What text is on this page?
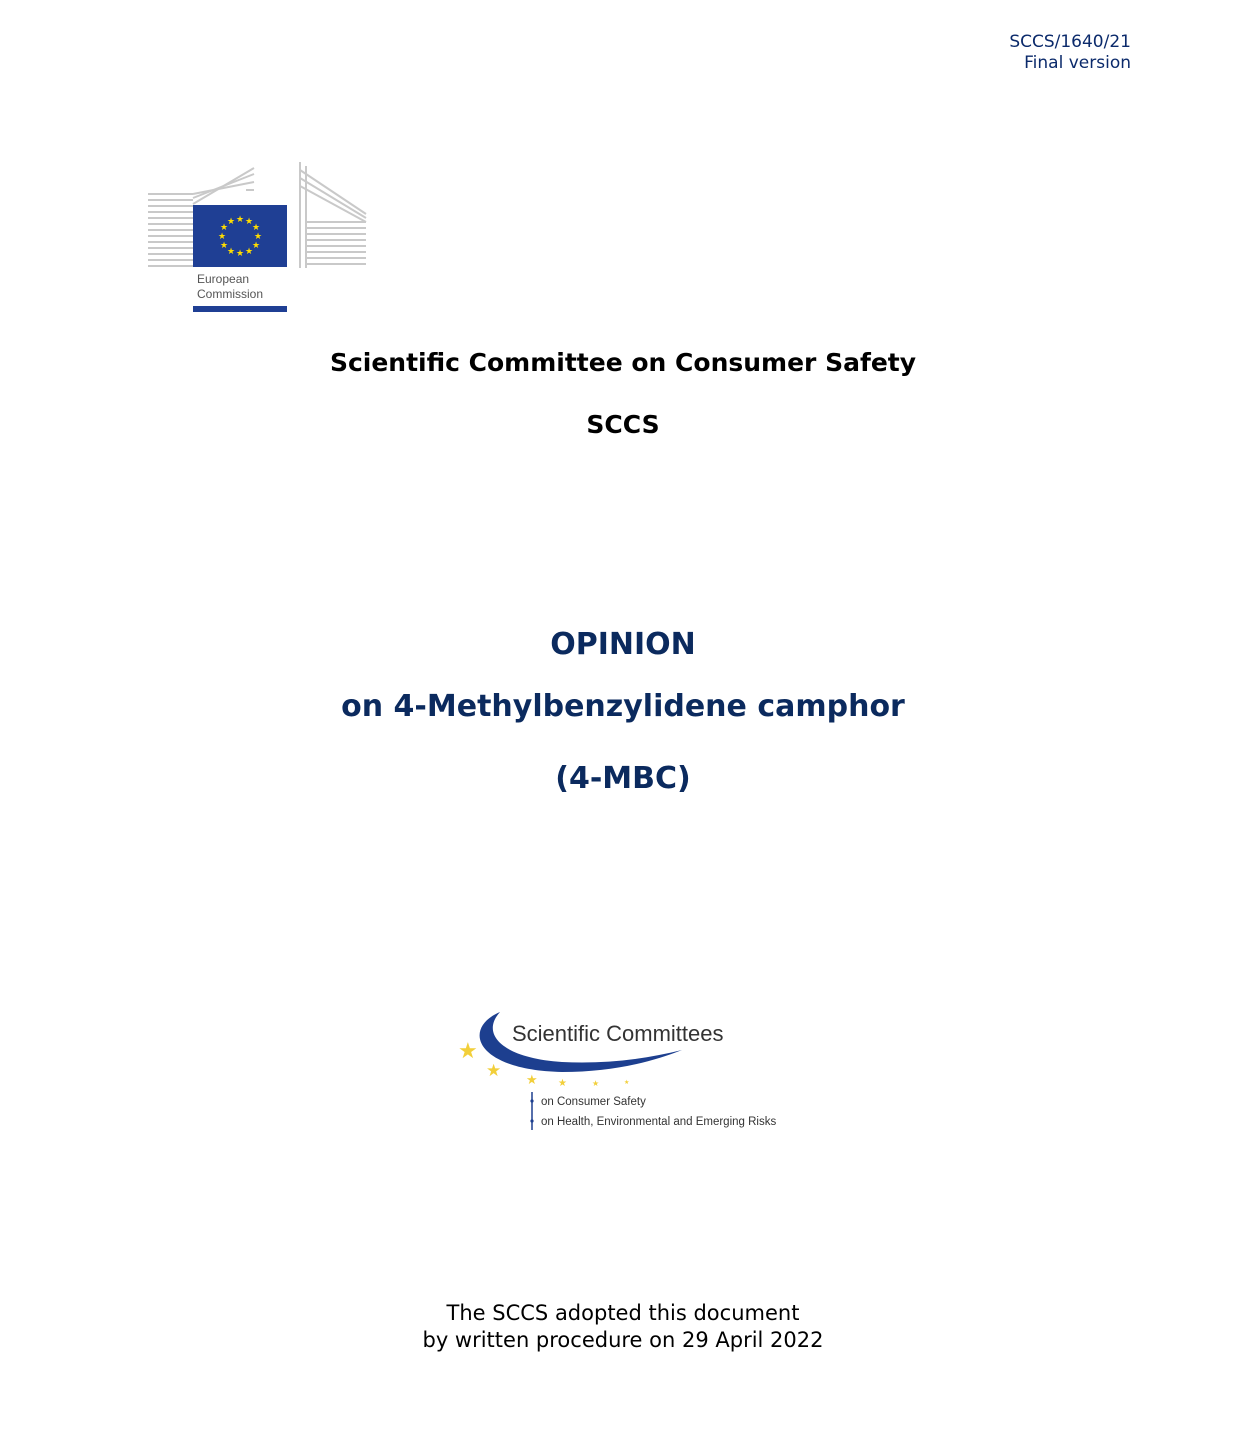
SCCS/1640/21
Final version
★ ★
★
★
★
★
★
★
★
★
★
★
European
Commission
Scientific Committee on Consumer Safety
SCCS
OPINION
on 4-Methylbenzylidene camphor
(4-MBC)
★
★ ★ ★	★	★
Scientific Committees
on Consumer Safety
on Health, Environmental and Emerging Risks
The SCCS adopted this document
by written procedure on 29 April 2022
